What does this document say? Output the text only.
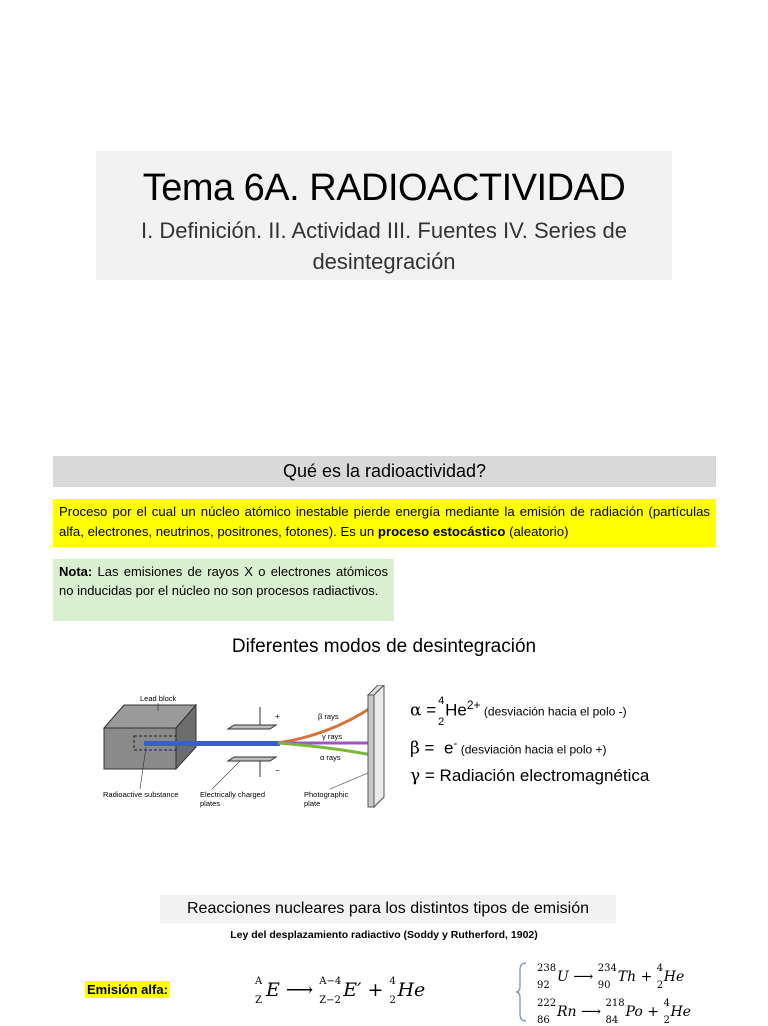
Tema 6A. RADIOACTIVIDAD
I. Definición. II. Actividad III. Fuentes IV. Series de desintegración
Qué es la radioactividad?
Proceso por el cual un núcleo atómico inestable pierde energía mediante la emisión de radiación (partículas alfa, electrones, neutrinos, positrones, fotones). Es un proceso estocástico (aleatorio)
Nota: Las emisiones de rayos X o electrones atómicos no inducidas por el núcleo no son procesos radiactivos.
Diferentes modos de desintegración
+
−
Lead block
β rays
γ rays
α rays
Radioactive substance	Electrically charged
plates
Photographic
plate
α = 4
2
$He^{2+}$ (desviación hacia el polo -)
β =  e- (desviación hacia el polo +)
γ = Radiación electromagnética
Reacciones nucleares para los distintos tipos de emisión
Ley del desplazamiento radiactivo (Soddy y Rutherford, 1902)
Emisión alfa:
A
Z E ⟶ A−4
Z−2 E′ + 4
2 He
238
92
U ⟶
234
90
Th +
4
2
He
222
86
Rn ⟶
218
84
Po +
4
2
He
